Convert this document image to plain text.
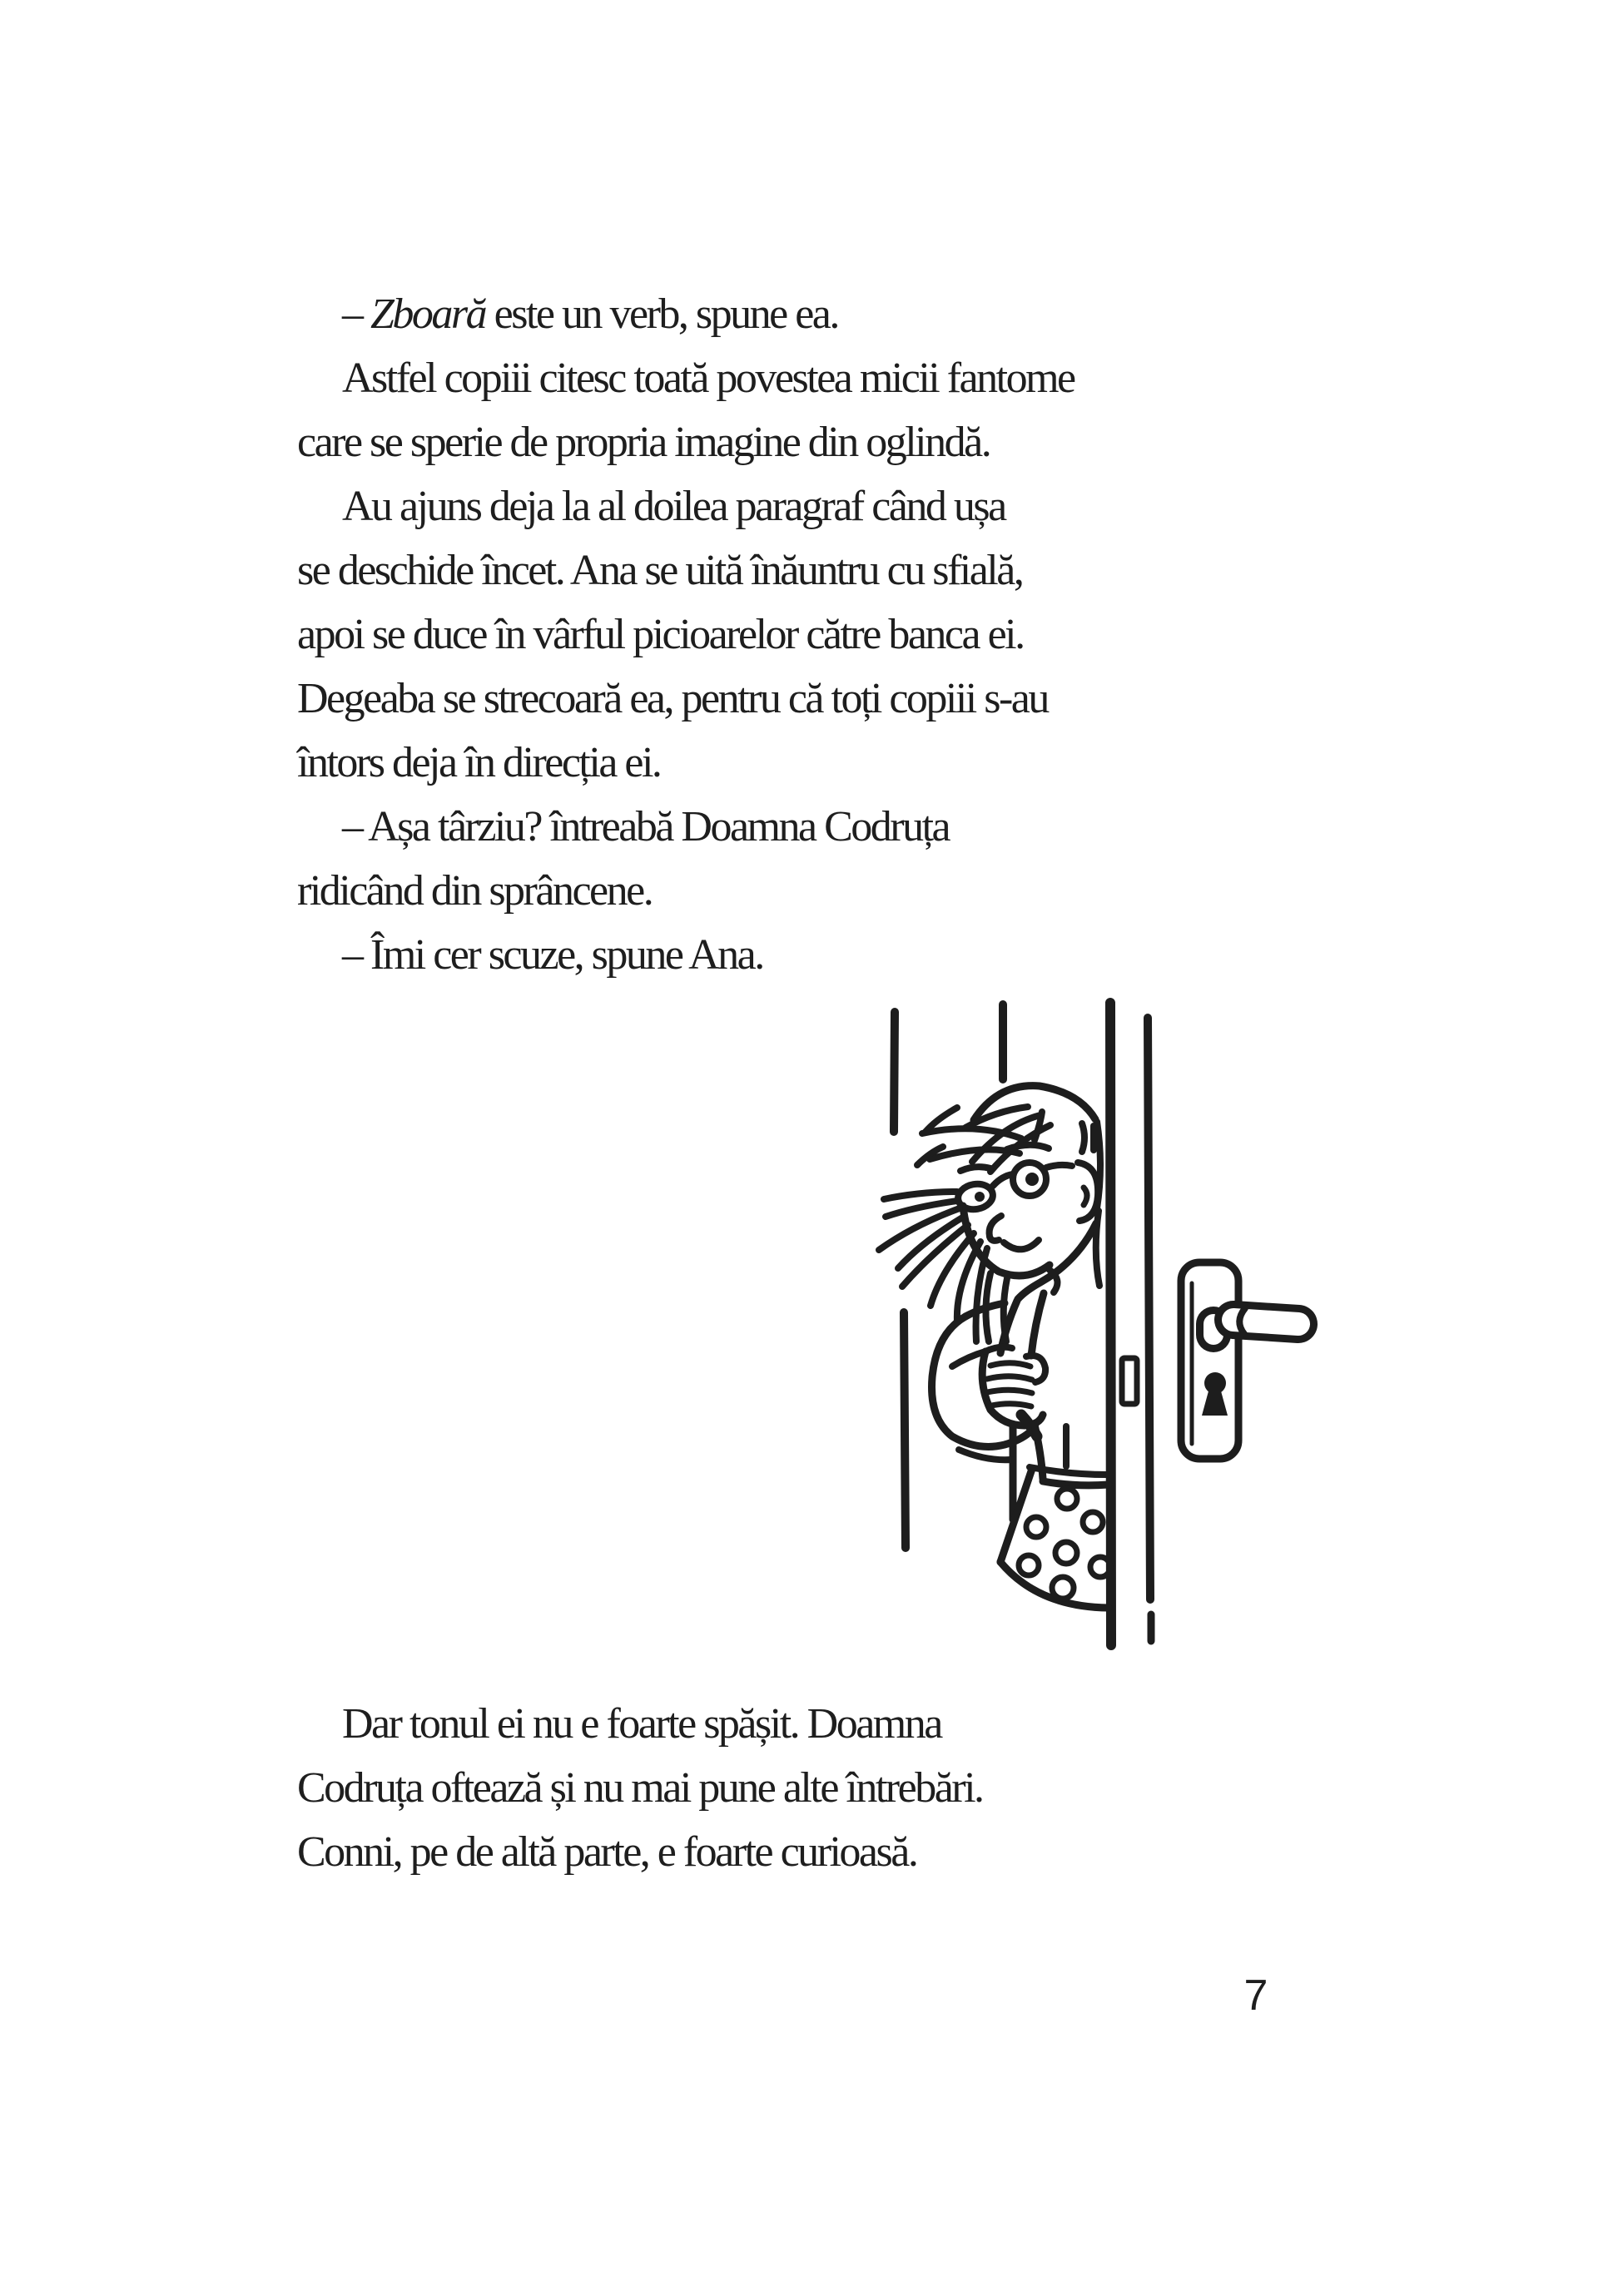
– Zboară este un verb, spune ea.
Astfel copiii citesc toată povestea micii fantome
care se sperie de propria imagine din oglindă.
Au ajuns deja la al doilea paragraf când ușa
se deschide încet. Ana se uită înăuntru cu sfială,
apoi se duce în vârful picioarelor către banca ei.
Degeaba se strecoară ea, pentru că toți copiii s-au
întors deja în direcția ei.
– Așa târziu? întreabă Doamna Codruța
ridicând din sprâncene.
– Îmi cer scuze, spune Ana.
Dar tonul ei nu e foarte spășit. Doamna
Codruța oftează și nu mai pune alte întrebări.
Conni, pe de altă parte, e foarte curioasă.
7
